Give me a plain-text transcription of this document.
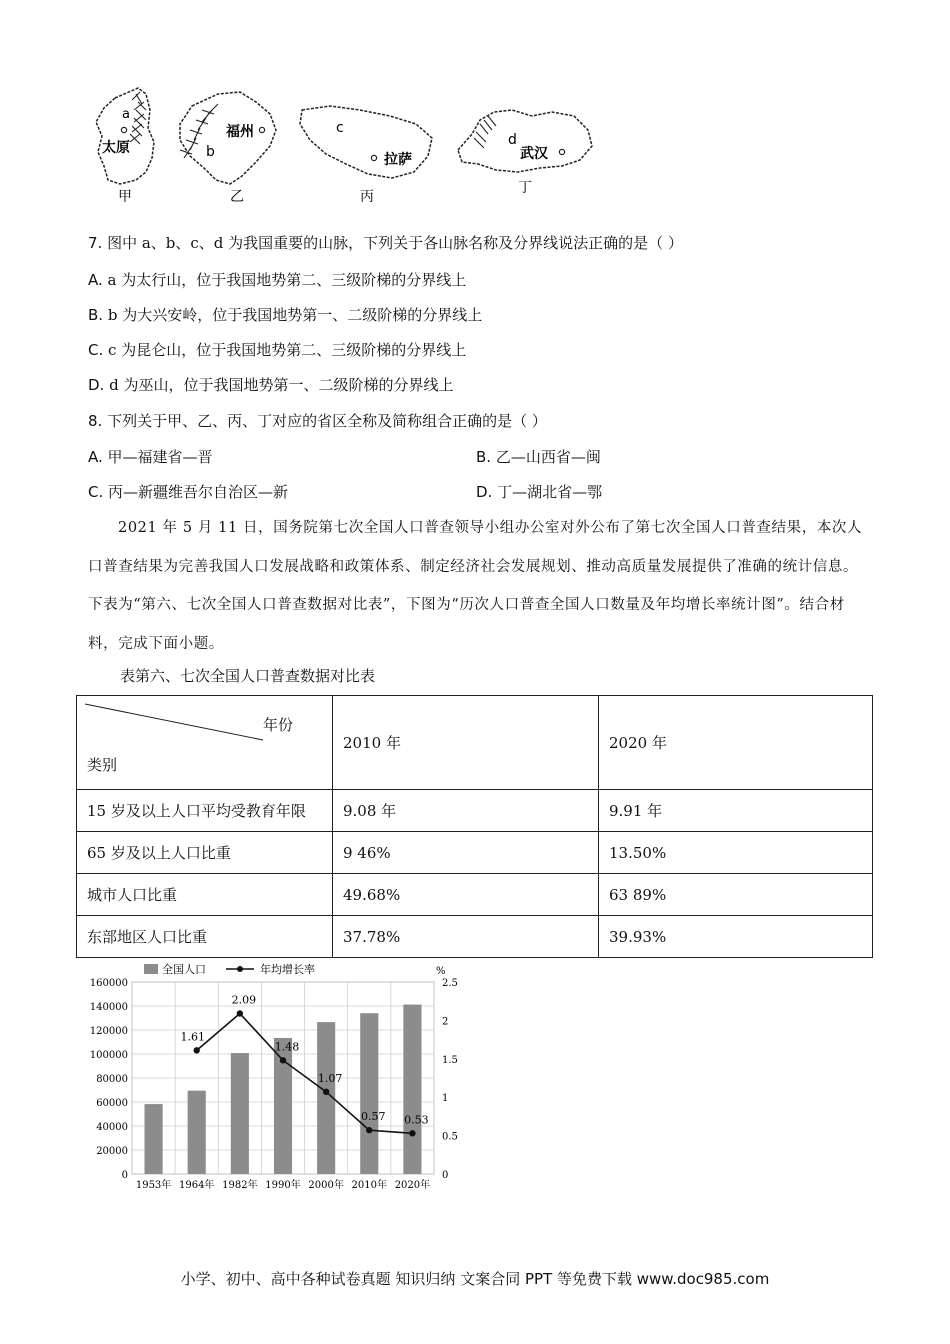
a
太原
甲
福州
b
乙
c
拉萨
丙
d
武汉
丁
7. 图中 a、b、c、d 为我国重要的山脉，下列关于各山脉名称及分界线说法正确的是（ ）
A. a 为太行山，位于我国地势第二、三级阶梯的分界线上
B. b 为大兴安岭，位于我国地势第一、二级阶梯的分界线上
C. c 为昆仑山，位于我国地势第二、三级阶梯的分界线上
D. d 为巫山，位于我国地势第一、二级阶梯的分界线上
8. 下列关于甲、乙、丙、丁对应的省区全称及简称组合正确的是（ ）
A. 甲—福建省—晋	B. 乙—山西省—闽
C. 丙—新疆维吾尔自治区—新	D. 丁—湖北省—鄂
2021 年 5 月 11 日，国务院第七次全国人口普查领导小组办公室对外公布了第七次全国人口普查结果，本次人口普查结果为完善我国人口发展战略和政策体系、制定经济社会发展规划、推动高质量发展提供了准确的统计信息。下表为“第六、七次全国人口普查数据对比表”，下图为“历次人口普查全国人口数量及年均增长率统计图”。结合材料，完成下面小题。
表第六、七次全国人口普查数据对比表
年份
类别	2010 年	2020 年
15 岁及以上人口平均受教育年限	9.08 年	9.91 年
65 岁及以上人口比重	9 46%	13.50%
城市人口比重	49.68%	63 89%
东部地区人口比重	37.78%	39.93%
1.61
2.09
1.48
1.07
0.57 0.53
0
20000
40000
60000
80000
100000
120000
140000
160000
0
0.5
1
1.5
2
2.5
%
1953年 1964年 1982年 1990年 2000年 2010年 2020年
全国人口	年均增长率
小学、初中、高中各种试卷真题 知识归纳 文案合同 PPT 等免费下载 www.doc985.com
